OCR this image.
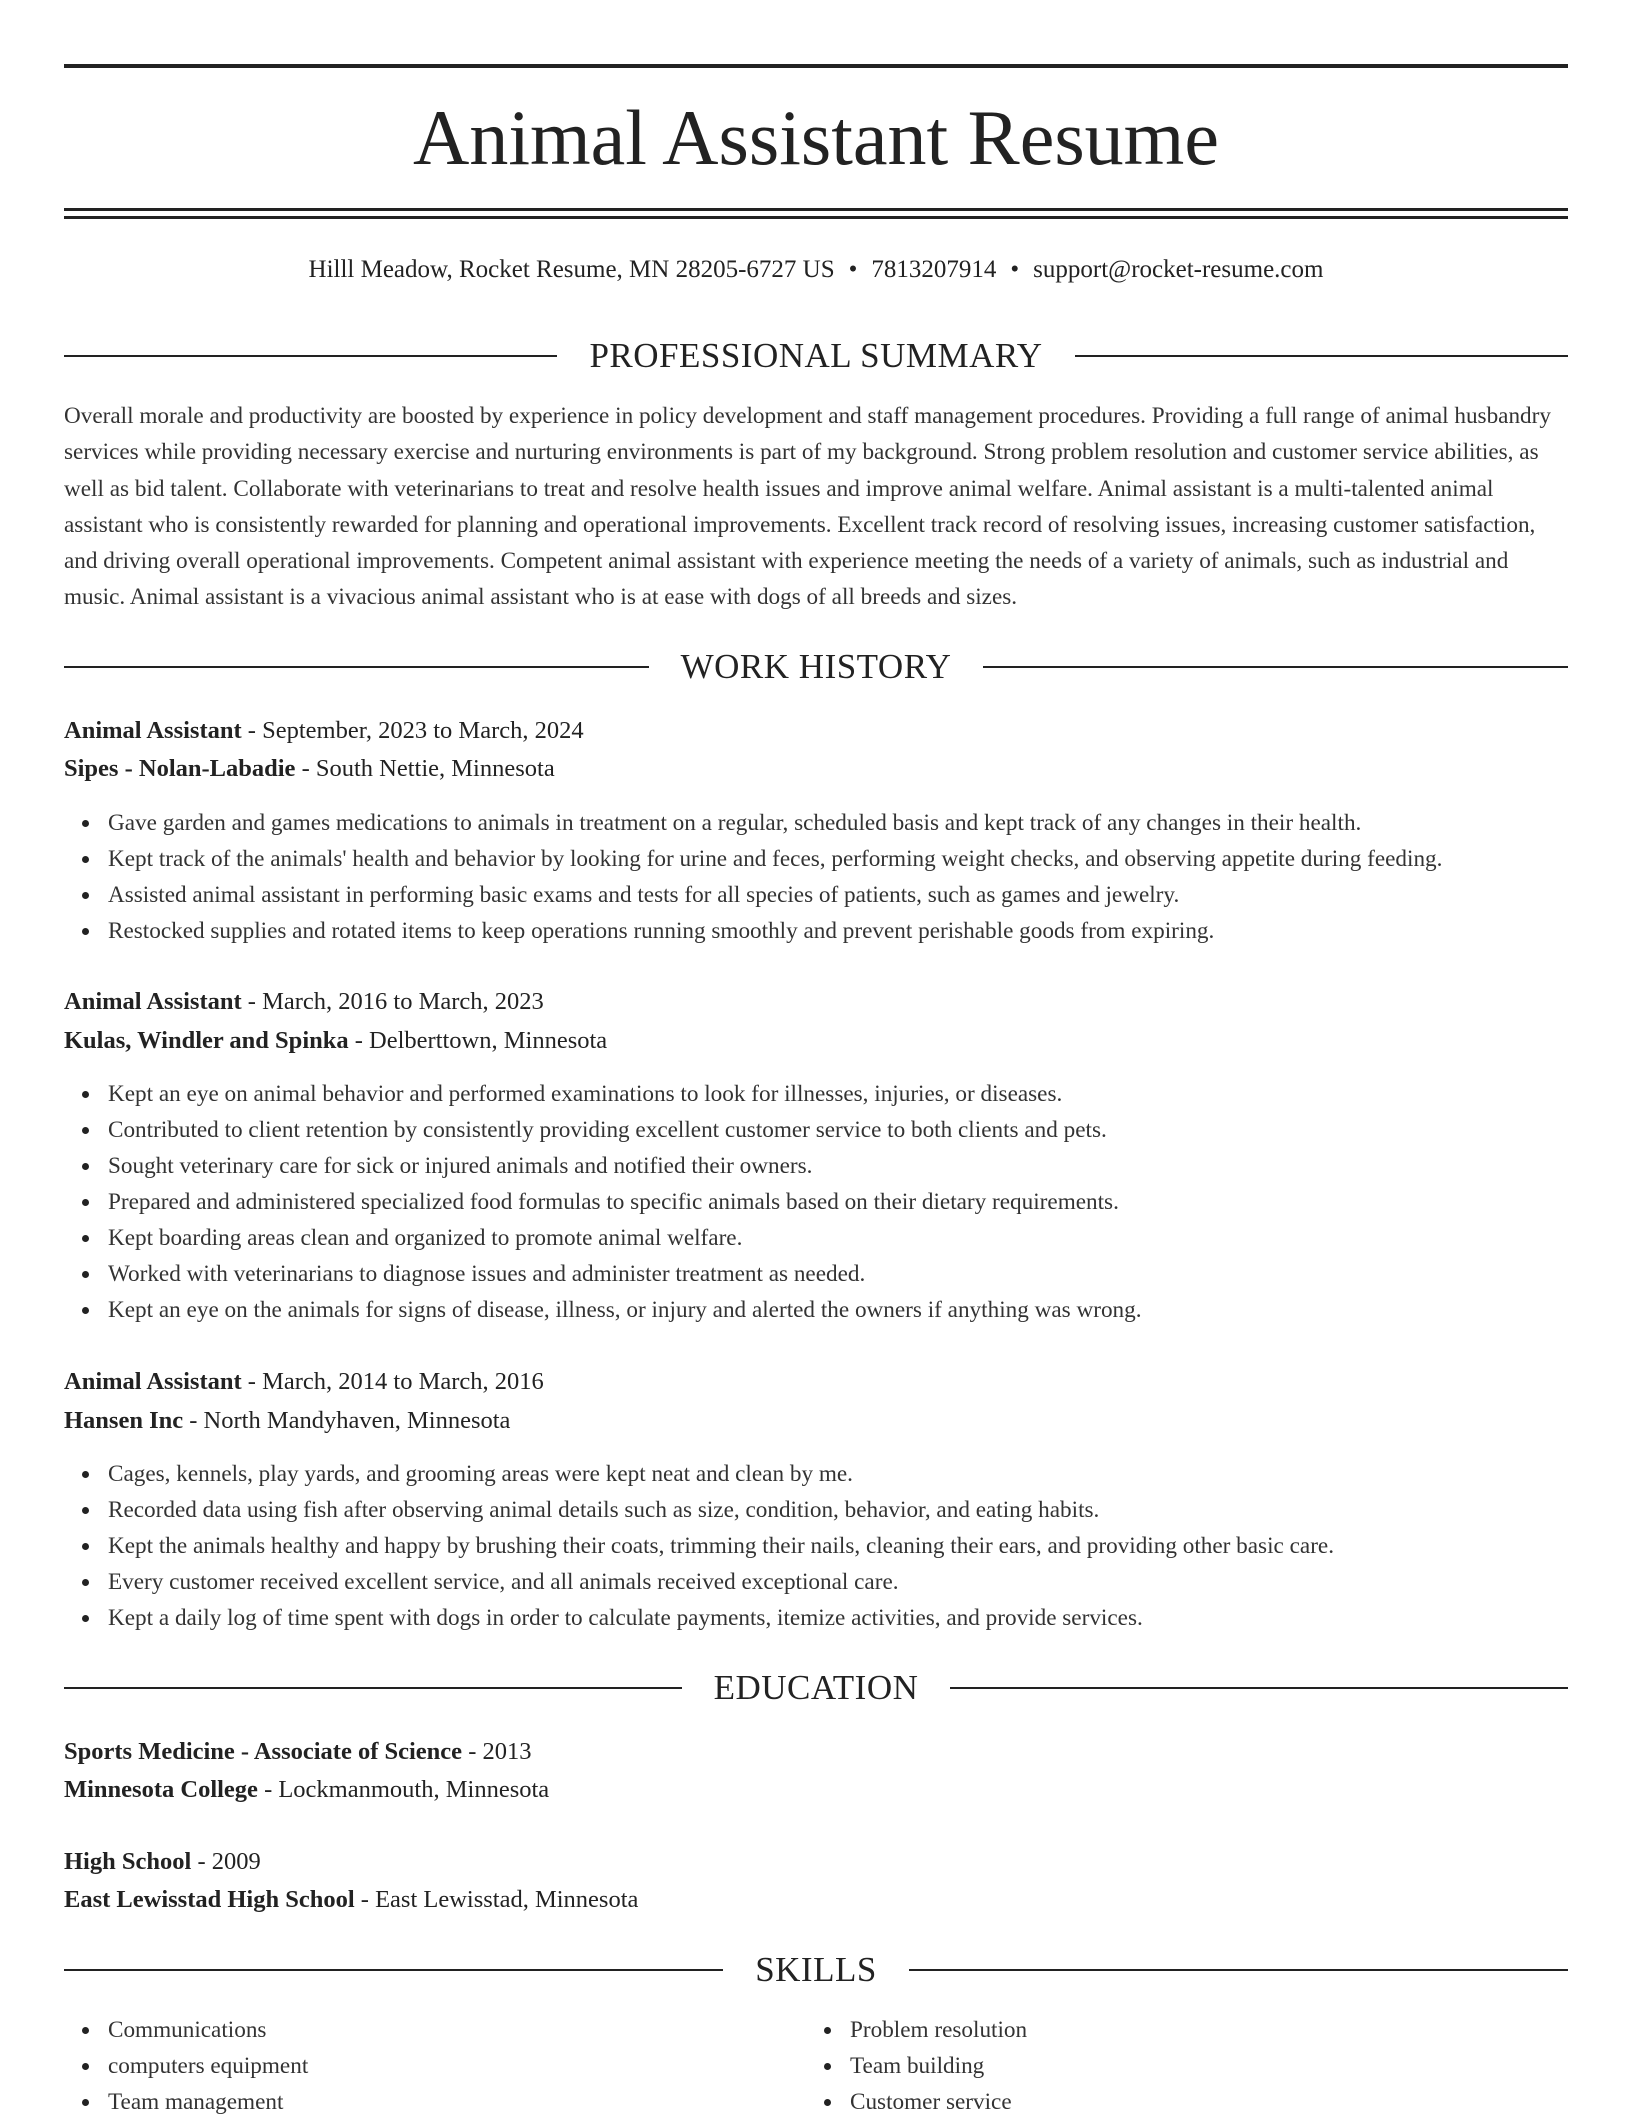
Animal Assistant Resume
Hilll Meadow, Rocket Resume, MN 28205-6727 US • 7813207914 • support@rocket-resume.com
PROFESSIONAL SUMMARY

Overall morale and productivity are boosted by experience in policy development and staff management procedures. Providing a full range of animal husbandry services while providing necessary exercise and nurturing environments is part of my background. Strong problem resolution and customer service abilities, as well as bid talent. Collaborate with veterinarians to treat and resolve health issues and improve animal welfare. Animal assistant is a multi-talented animal assistant who is consistently rewarded for planning and operational improvements. Excellent track record of resolving issues, increasing customer satisfaction, and driving overall operational improvements. Competent animal assistant with experience meeting the needs of a variety of animals, such as industrial and music. Animal assistant is a vivacious animal assistant who is at ease with dogs of all breeds and sizes.

WORK HISTORY
Animal Assistant - September, 2023 to March, 2024
Sipes - Nolan-Labadie - South Nettie, Minnesota
Gave garden and games medications to animals in treatment on a regular, scheduled basis and kept track of any changes in their health.
Kept track of the animals' health and behavior by looking for urine and feces, performing weight checks, and observing appetite during feeding.
Assisted animal assistant in performing basic exams and tests for all species of patients, such as games and jewelry.
Restocked supplies and rotated items to keep operations running smoothly and prevent perishable goods from expiring.
Animal Assistant - March, 2016 to March, 2023
Kulas, Windler and Spinka - Delberttown, Minnesota
Kept an eye on animal behavior and performed examinations to look for illnesses, injuries, or diseases.
Contributed to client retention by consistently providing excellent customer service to both clients and pets.
Sought veterinary care for sick or injured animals and notified their owners.
Prepared and administered specialized food formulas to specific animals based on their dietary requirements.
Kept boarding areas clean and organized to promote animal welfare.
Worked with veterinarians to diagnose issues and administer treatment as needed.
Kept an eye on the animals for signs of disease, illness, or injury and alerted the owners if anything was wrong.
Animal Assistant - March, 2014 to March, 2016
Hansen Inc - North Mandyhaven, Minnesota
Cages, kennels, play yards, and grooming areas were kept neat and clean by me.
Recorded data using fish after observing animal details such as size, condition, behavior, and eating habits.
Kept the animals healthy and happy by brushing their coats, trimming their nails, cleaning their ears, and providing other basic care.
Every customer received excellent service, and all animals received exceptional care.
Kept a daily log of time spent with dogs in order to calculate payments, itemize activities, and provide services.
EDUCATION
Sports Medicine - Associate of Science - 2013
Minnesota College - Lockmanmouth, Minnesota
High School - 2009
East Lewisstad High School - East Lewisstad, Minnesota
SKILLS
Communications
computers equipment
Team management
Problem resolution
Team building
Customer service
